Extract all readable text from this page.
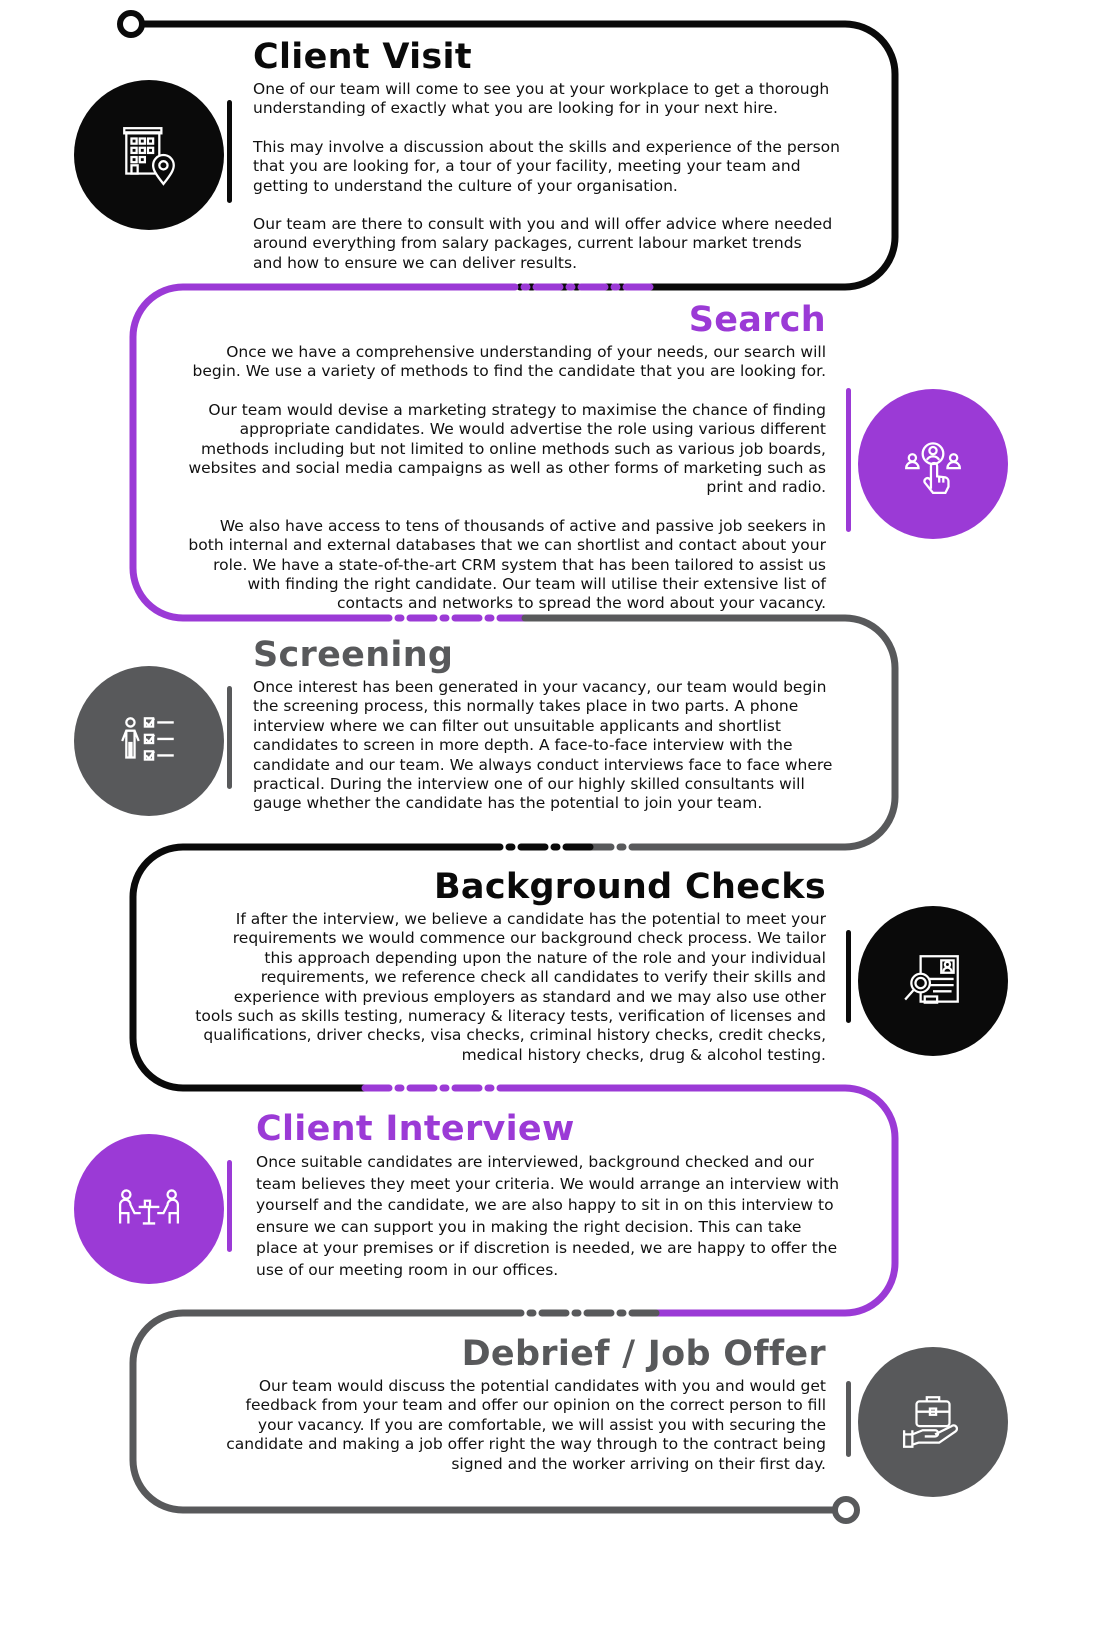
Client Visit

One of our team will come to see you at your workplace to get a thorough
understanding of exactly what you are looking for in your next hire.

This may involve a discussion about the skills and experience of the person
that you are looking for, a tour of your facility, meeting your team and
getting to understand the culture of your organisation.

Our team are there to consult with you and will offer advice where needed
around everything from salary packages, current labour market trends
and how to ensure we can deliver results.

Search

Once we have a comprehensive understanding of your needs, our search will
begin. We use a variety of methods to find the candidate that you are looking for.

Our team would devise a marketing strategy to maximise the chance of finding
appropriate candidates. We would advertise the role using various different
methods including but not limited to online methods such as various job boards,
websites and social media campaigns as well as other forms of marketing such as
print and radio.

We also have access to tens of thousands of active and passive job seekers in
both internal and external databases that we can shortlist and contact about your
role. We have a state-of-the-art CRM system that has been tailored to assist us
with finding the right candidate. Our team will utilise their extensive list of
contacts and networks to spread the word about your vacancy.

Screening

Once interest has been generated in your vacancy, our team would begin
the screening process, this normally takes place in two parts. A phone
interview where we can filter out unsuitable applicants and shortlist
candidates to screen in more depth. A face-to-face interview with the
candidate and our team. We always conduct interviews face to face where
practical. During the interview one of our highly skilled consultants will
gauge whether the candidate has the potential to join your team.

Background Checks

If after the interview, we believe a candidate has the potential to meet your
requirements we would commence our background check process. We tailor
this approach depending upon the nature of the role and your individual
requirements, we reference check all candidates to verify their skills and
experience with previous employers as standard and we may also use other
tools such as skills testing, numeracy & literacy tests, verification of licenses and
qualifications, driver checks, visa checks, criminal history checks, credit checks,
medical history checks, drug & alcohol testing.

Client Interview

Once suitable candidates are interviewed, background checked and our
team believes they meet your criteria. We would arrange an interview with
yourself and the candidate, we are also happy to sit in on this interview to
ensure we can support you in making the right decision. This can take
place at your premises or if discretion is needed, we are happy to offer the
use of our meeting room in our offices.

Debrief / Job Offer

Our team would discuss the potential candidates with you and would get
feedback from your team and offer our opinion on the correct person to fill
your vacancy. If you are comfortable, we will assist you with securing the
candidate and making a job offer right the way through to the contract being
signed and the worker arriving on their first day.
